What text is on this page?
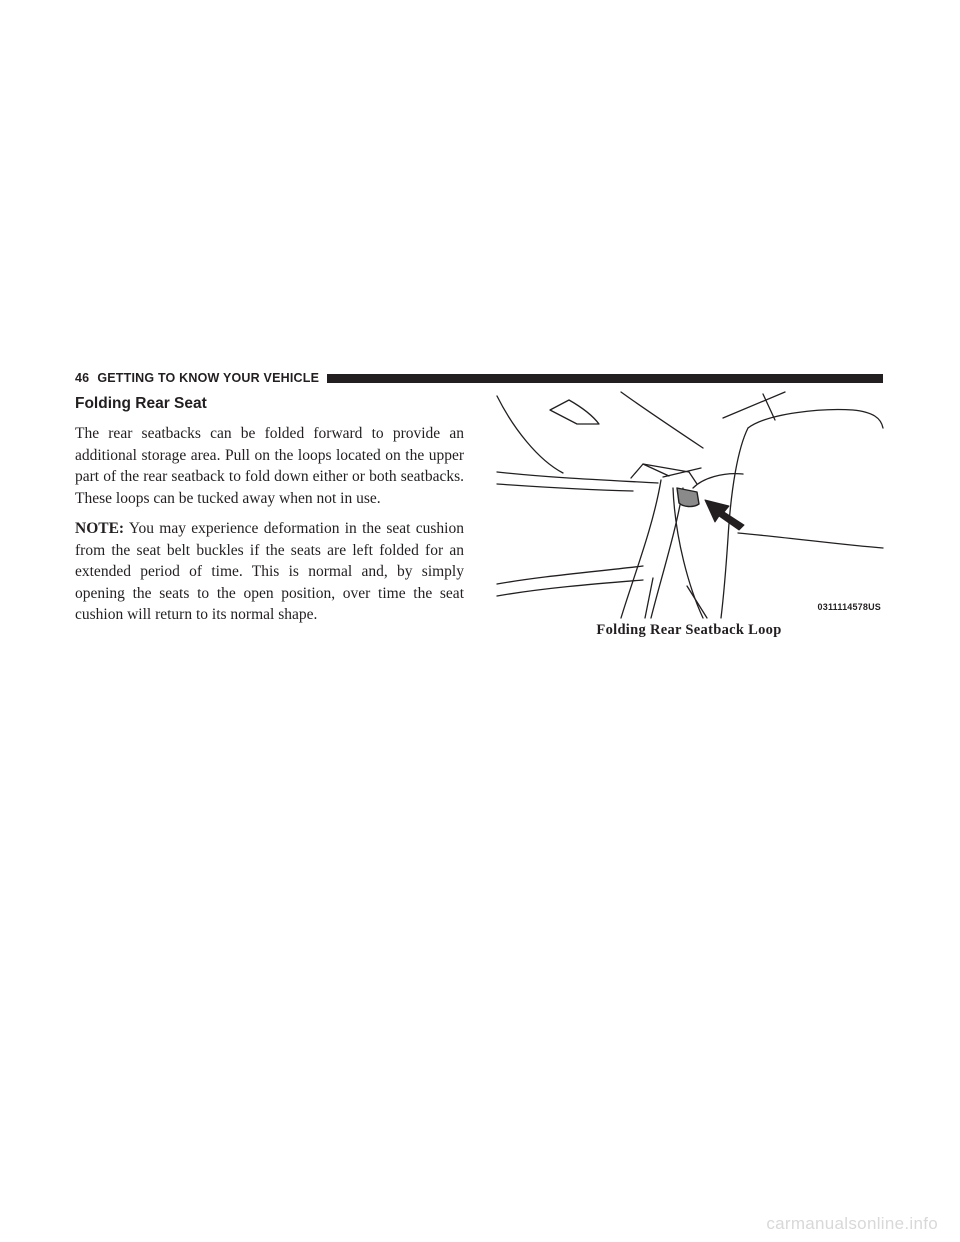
46 GETTING TO KNOW YOUR VEHICLE
Folding Rear Seat

The rear seatbacks can be folded forward to provide an additional storage area. Pull on the loops located on the upper part of the rear seatback to fold down either or both seatbacks. These loops can be tucked away when not in use.

NOTE: You may experience deformation in the seat cushion from the seat belt buckles if the seats are left folded for an extended period of time. This is normal and, by simply opening the seats to the open position, over time the seat cushion will return to its normal shape.	0311114578US
Folding Rear Seatback Loop
carmanualsonline.info
